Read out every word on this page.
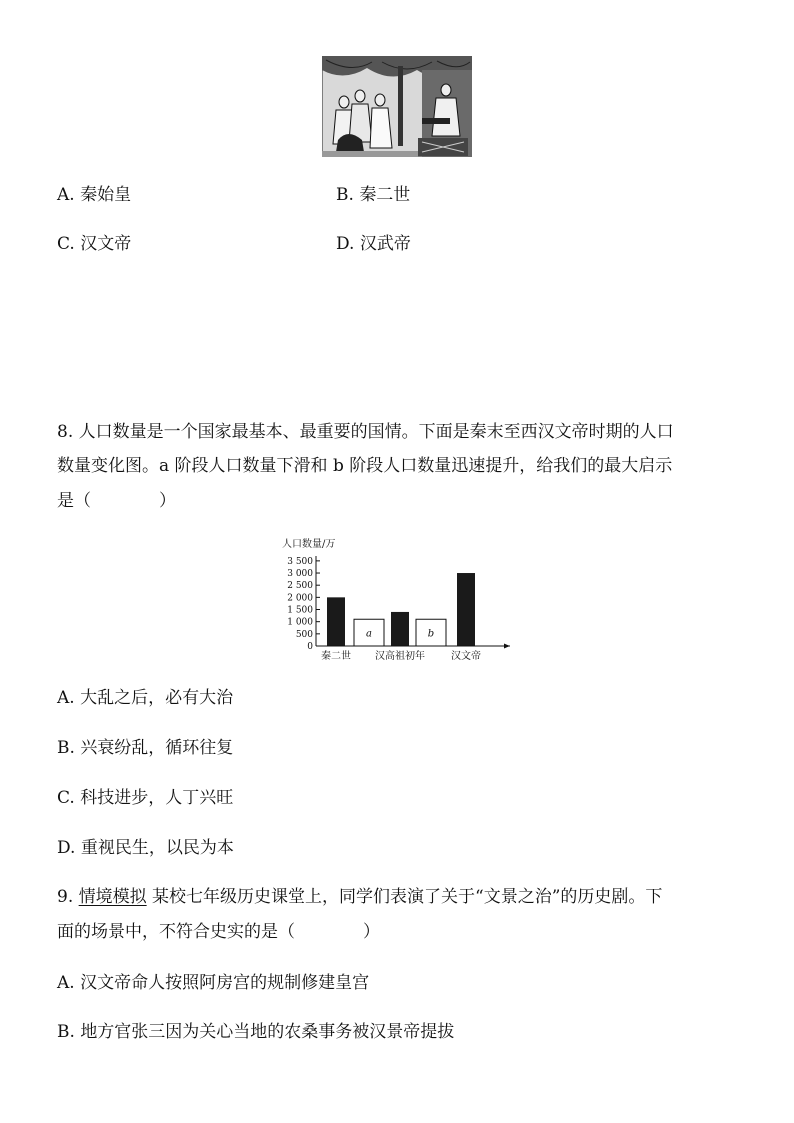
A. 秦始皇	B. 秦二世
C. 汉文帝	D. 汉武帝
8. 人口数量是一个国家最基本、最重要的国情。下面是秦末至西汉文帝时期的人口
数量变化图。a 阶段人口数量下滑和 b 阶段人口数量迅速提升，给我们的最大启示
是（　　　　）
人口数量/万
0
500
1 000
1 500
2 000
2 500
3 000
3 500
a	b
秦二世 汉高祖初年	汉文帝
A. 大乱之后，必有大治
B. 兴衰纷乱，循环往复
C. 科技进步，人丁兴旺
D. 重视民生，以民为本
9. 情境模拟 某校七年级历史课堂上，同学们表演了关于“文景之治”的历史剧。下
面的场景中，不符合史实的是（　　　　）
A. 汉文帝命人按照阿房宫的规制修建皇宫
B. 地方官张三因为关心当地的农桑事务被汉景帝提拔
